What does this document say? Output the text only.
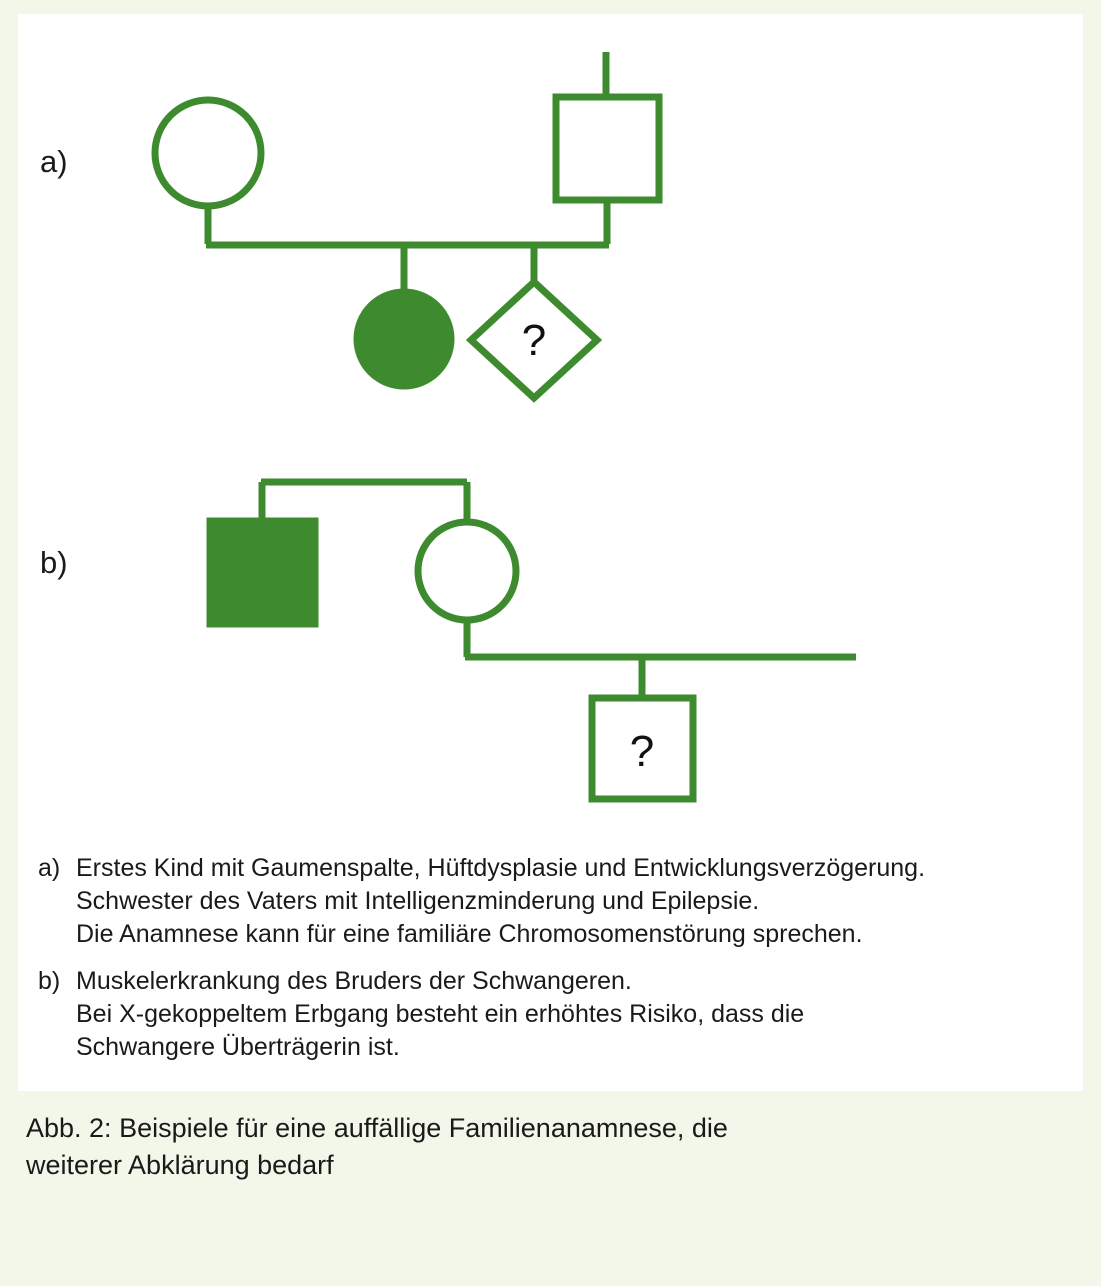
?
?
a)
b)
a) Erstes Kind mit Gaumenspalte, Hüftdysplasie und Entwicklungsverzögerung.
Schwester des Vaters mit Intelligenzminderung und Epilepsie.
Die Anamnese kann für eine familiäre Chromosomenstörung sprechen.
b) Muskelerkrankung des Bruders der Schwangeren.
Bei X-gekoppeltem Erbgang besteht ein erhöhtes Risiko, dass die
Schwangere Überträgerin ist.
Abb. 2: Beispiele für eine auffällige Familienanamnese, die
weiterer Abklärung bedarf
